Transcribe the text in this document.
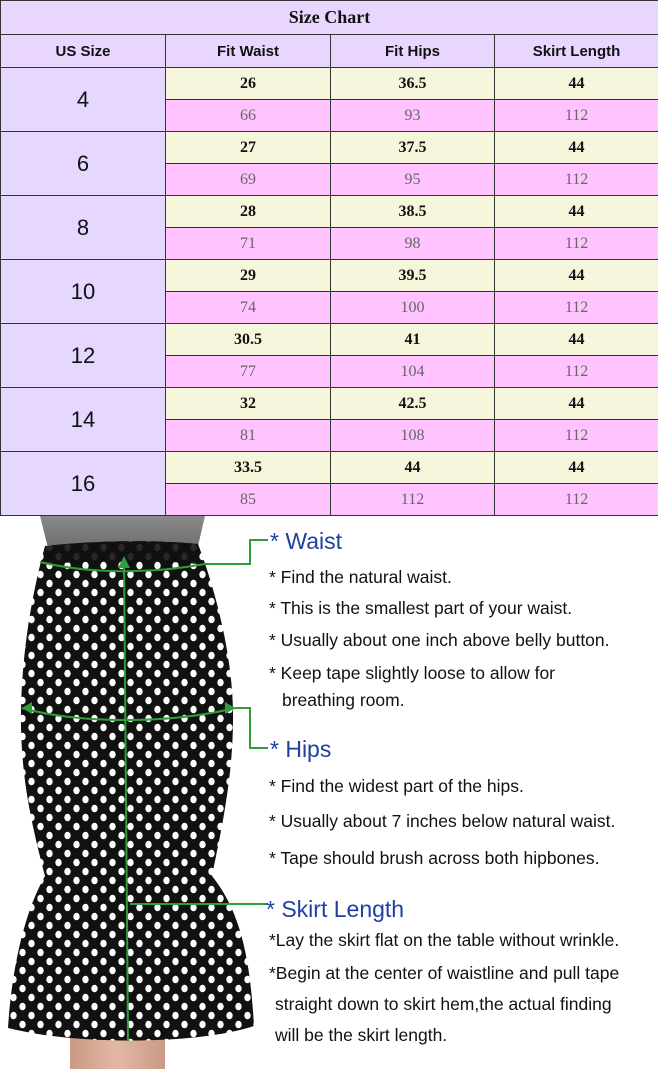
Size Chart			
US Size	Fit Waist	Fit Hips	Skirt Length
4	26	36.5	44
	66	93	112
6	27	37.5	44
	69	95	112
8	28	38.5	44
	71	98	112
10	29	39.5	44
	74	100	112
12	30.5	41	44
	77	104	112
14	32	42.5	44
	81	108	112
16	33.5	44	44
	85	112	112
* Waist
* Find the natural waist.
* This is the smallest part of your waist.
* Usually about one inch above belly button.
* Keep tape slightly loose to allow for
breathing room.
* Hips
* Find the widest part of the hips.
* Usually about 7 inches below natural waist.
* Tape should brush across both hipbones.
* Skirt Length
*Lay the skirt flat on the table without wrinkle.
*Begin at the center of waistline and pull tape
straight down to skirt hem,the actual finding
will be the skirt length.
